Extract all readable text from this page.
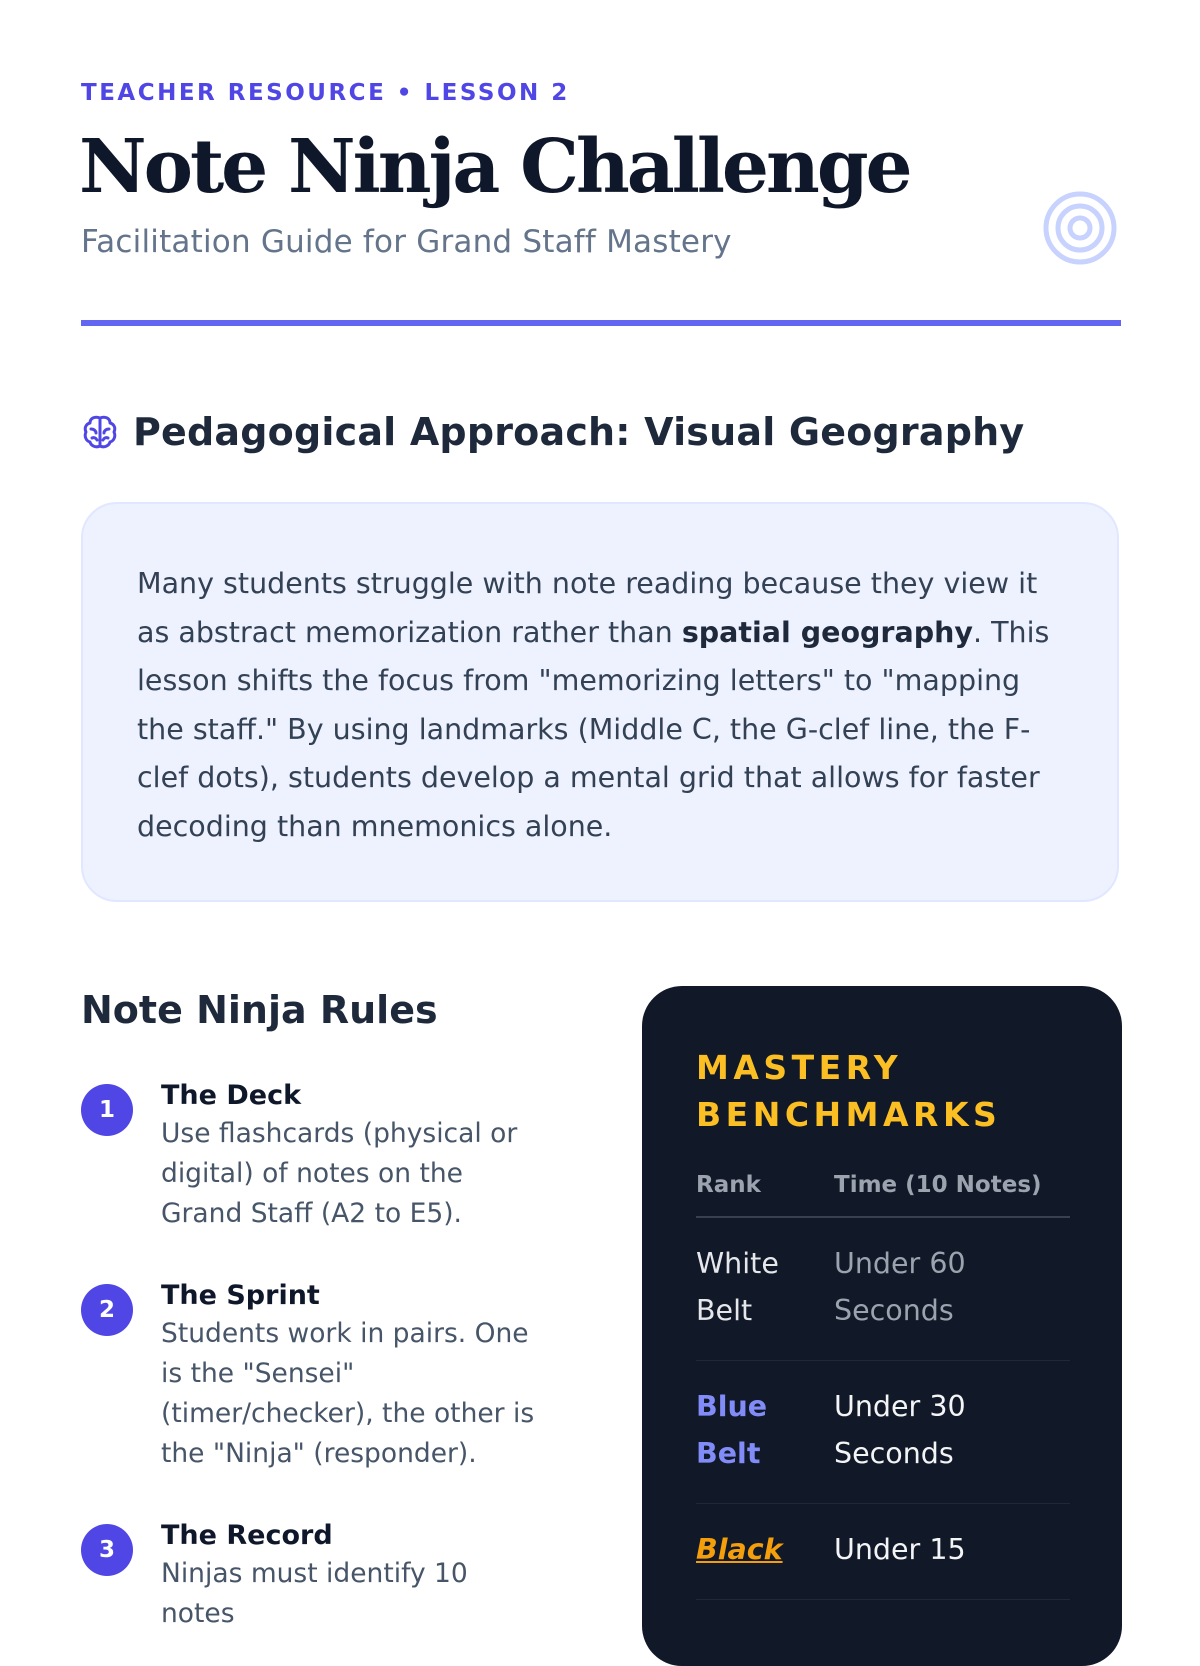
TEACHER RESOURCE • LESSON 2
Note Ninja Challenge
Facilitation Guide for Grand Staff Mastery
Pedagogical Approach: Visual Geography

Many students struggle with note reading because they view it as abstract memorization rather than spatial geography. This lesson shifts the focus from "memorizing letters" to "mapping the staff." By using landmarks (Middle C, the G-clef line, the F-clef dots), students develop a mental grid that allows for faster decoding than mnemonics alone.

Note Ninja Rules
1	The Deck
Use flashcards (physical or digital) of notes on the Grand Staff (A2 to E5).
2	The Sprint
Students work in pairs. One is the "Sensei" (timer/checker), the other is the "Ninja" (responder).
3	The Record
Ninjas must identify 10 notes
MASTERY BENCHMARKS
Rank	Time (10 Notes)
White Belt	Under 60 Seconds
Blue Belt	Under 30 Seconds
Black	Under 15
